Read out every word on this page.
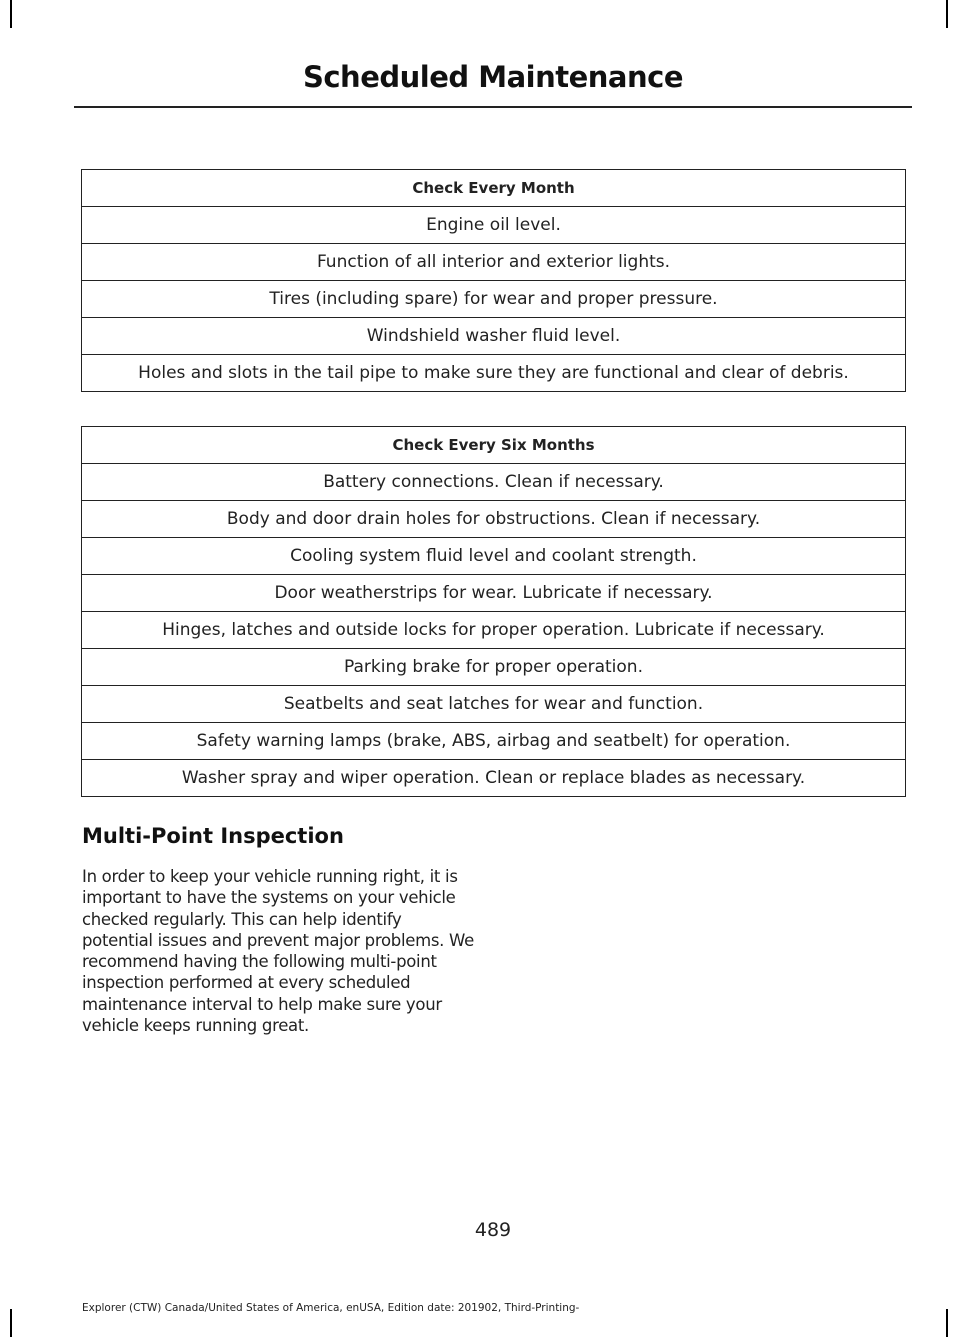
Scheduled Maintenance
Check Every Month
Engine oil level.
Function of all interior and exterior lights.
Tires (including spare) for wear and proper pressure.
Windshield washer fluid level.
Holes and slots in the tail pipe to make sure they are functional and clear of debris.
Check Every Six Months
Battery connections. Clean if necessary.
Body and door drain holes for obstructions. Clean if necessary.
Cooling system fluid level and coolant strength.
Door weatherstrips for wear. Lubricate if necessary.
Hinges, latches and outside locks for proper operation. Lubricate if necessary.
Parking brake for proper operation.
Seatbelts and seat latches for wear and function.
Safety warning lamps (brake, ABS, airbag and seatbelt) for operation.
Washer spray and wiper operation. Clean or replace blades as necessary.
Multi-Point Inspection

In order to keep your vehicle running right, it is important to have the systems on your vehicle checked regularly. This can help identify potential issues and prevent major problems. We recommend having the following multi-point inspection performed at every scheduled maintenance interval to help make sure your vehicle keeps running great.

489
Explorer (CTW) Canada/United States of America, enUSA, Edition date: 201902, Third-Printing-
